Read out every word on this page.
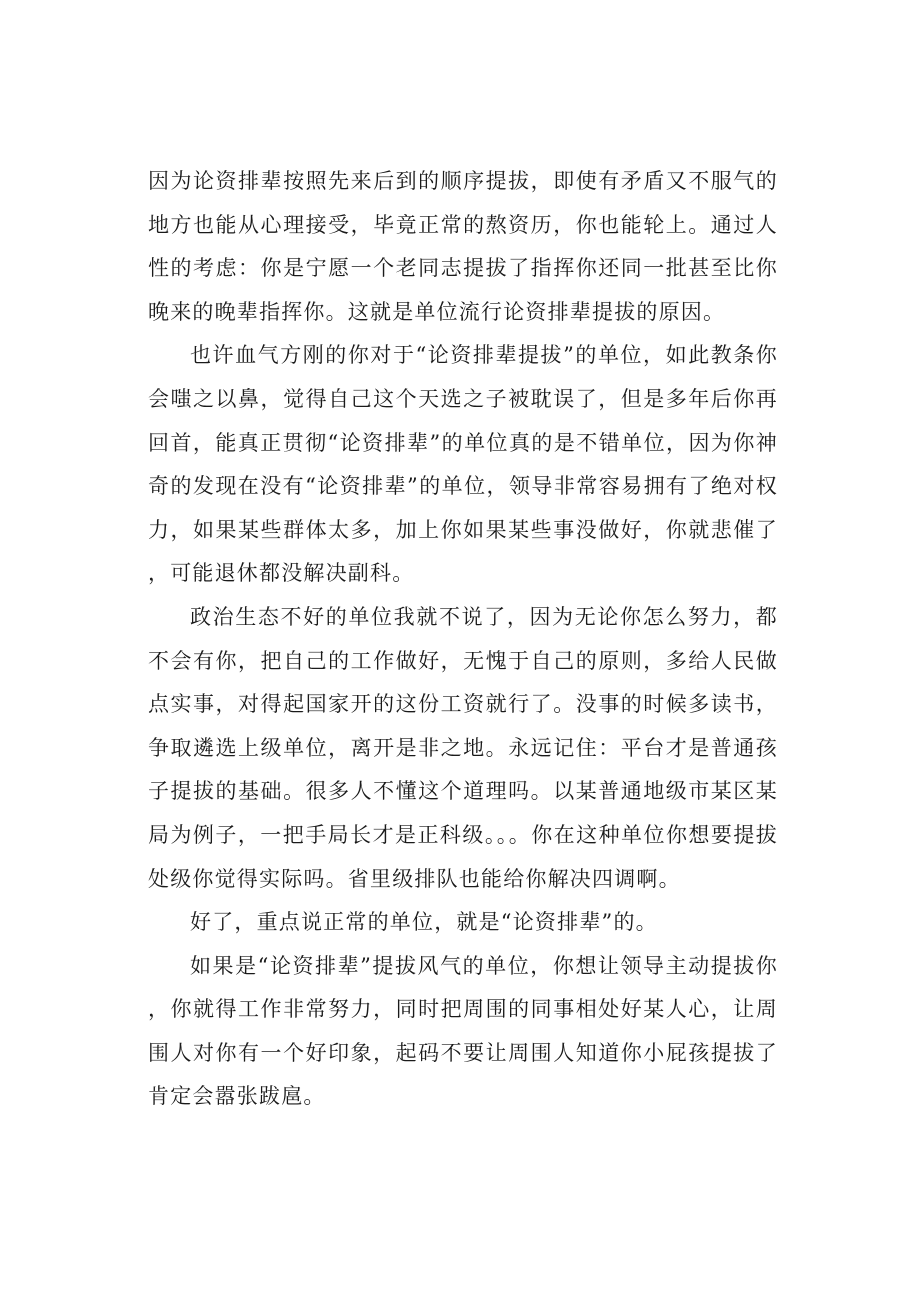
因为论资排辈按照先来后到的顺序提拔，即使有矛盾又不服气的地方也能从心理接受，毕竟正常的熬资历，你也能轮上。通过人性的考虑：你是宁愿一个老同志提拔了指挥你还同一批甚至比你晚来的晚辈指挥你。这就是单位流行论资排辈提拔的原因。

也许血气方刚的你对于“论资排辈提拔”的单位，如此教条你会嗤之以鼻，觉得自己这个天选之子被耽误了，但是多年后你再回首，能真正贯彻“论资排辈”的单位真的是不错单位，因为你神奇的发现在没有“论资排辈”的单位，领导非常容易拥有了绝对权力，如果某些群体太多，加上你如果某些事没做好，你就悲催了，可能退休都没解决副科。

政治生态不好的单位我就不说了，因为无论你怎么努力，都不会有你，把自己的工作做好，无愧于自己的原则，多给人民做点实事，对得起国家开的这份工资就行了。没事的时候多读书，争取遴选上级单位，离开是非之地。永远记住：平台才是普通孩子提拔的基础。很多人不懂这个道理吗。以某普通地级市某区某局为例子，一把手局长才是正科级。。。你在这种单位你想要提拔处级你觉得实际吗。省里级排队也能给你解决四调啊。

好了，重点说正常的单位，就是“论资排辈”的。

如果是“论资排辈”提拔风气的单位，你想让领导主动提拔你，你就得工作非常努力，同时把周围的同事相处好某人心，让周围人对你有一个好印象，起码不要让周围人知道你小屁孩提拔了肯定会嚣张跋扈。
